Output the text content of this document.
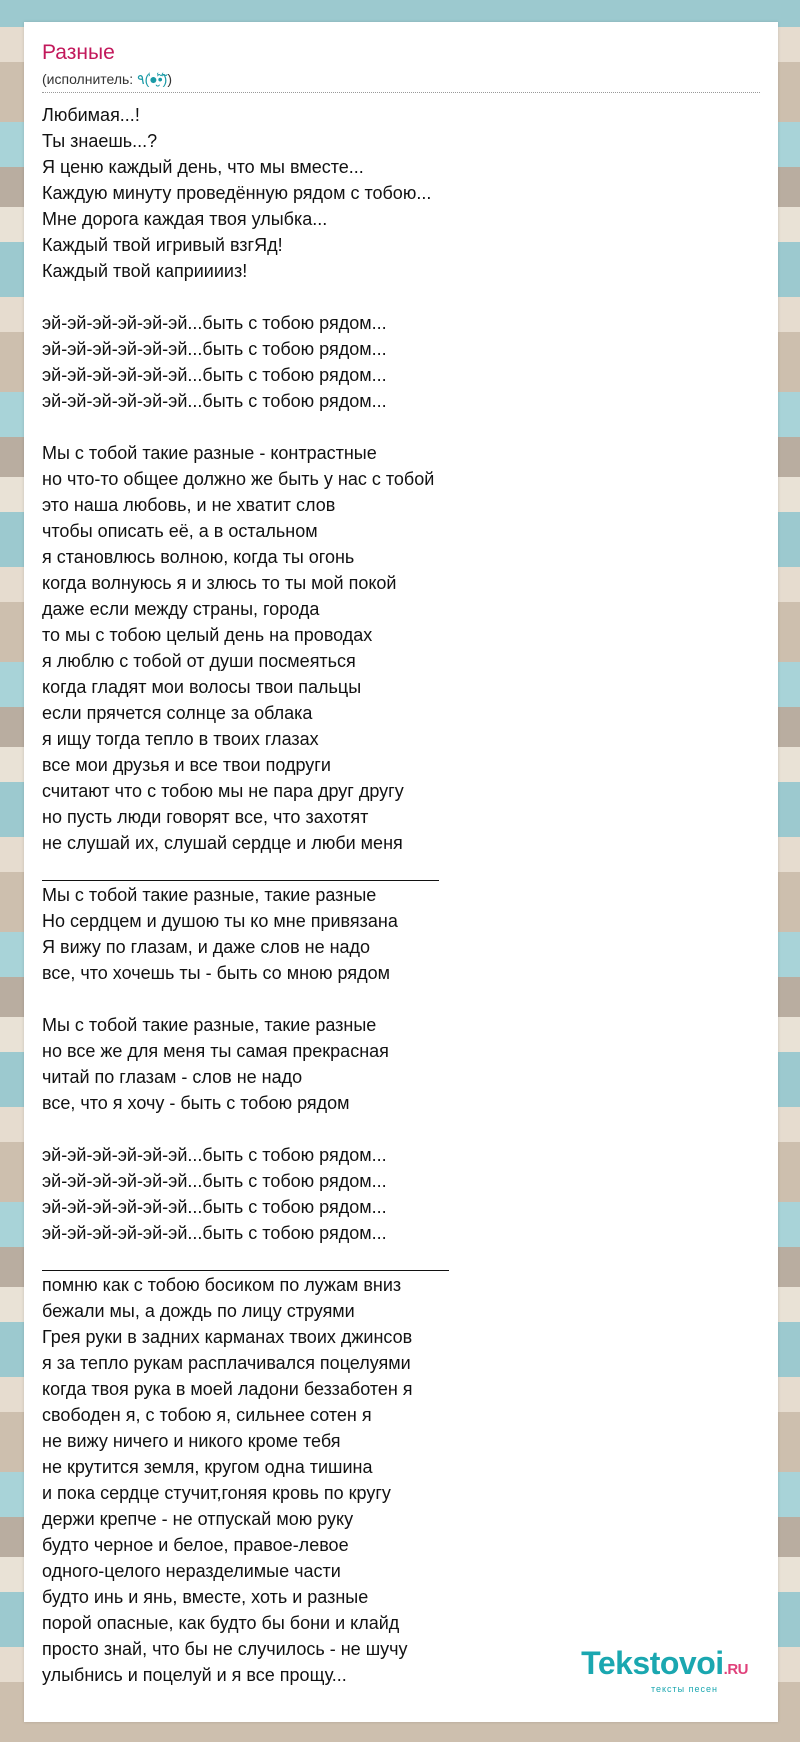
Разные
(исполнитель: ٩(̾●̮̮̃̾•̃̾))
Любимая...!
Ты знаешь...?
Я ценю каждый день, что мы вместе...
Каждую минуту проведённую рядом с тобою...
Мне дорога каждая твоя улыбка...
Каждый твой игривый взгЯд!
Каждый твой каприиииз!
эй-эй-эй-эй-эй-эй...быть с тобою рядом...
эй-эй-эй-эй-эй-эй...быть с тобою рядом...
эй-эй-эй-эй-эй-эй...быть с тобою рядом...
эй-эй-эй-эй-эй-эй...быть с тобою рядом...
Мы с тобой такие разные - контрастные
но что-то общее должно же быть у нас с тобой
это наша любовь, и не хватит слов
чтобы описать её, а в остальном
я становлюсь волною, когда ты огонь
когда волнуюсь я и злюсь то ты мой покой
даже если между страны, города
то мы с тобою целый день на проводах
я люблю с тобой от души посмеяться
когда гладят мои волосы твои пальцы
если прячется солнце за облака
я ищу тогда тепло в твоих глазах
все мои друзья и все твои подруги
считают что с тобою мы не пара друг другу
но пусть люди говорят все, что захотят
не слушай их, слушай сердце и люби меня
Мы с тобой такие разные, такие разные
Но сердцем и душою ты ко мне привязана
Я вижу по глазам, и даже слов не надо
все, что хочешь ты - быть со мною рядом
Мы с тобой такие разные, такие разные
но все же для меня ты самая прекрасная
читай по глазам - слов не надо
все, что я хочу - быть с тобою рядом
эй-эй-эй-эй-эй-эй...быть с тобою рядом...
эй-эй-эй-эй-эй-эй...быть с тобою рядом...
эй-эй-эй-эй-эй-эй...быть с тобою рядом...
эй-эй-эй-эй-эй-эй...быть с тобою рядом...
помню как с тобою босиком по лужам вниз
бежали мы, а дождь по лицу струями
Грея руки в задних карманах твоих джинсов
я за тепло рукам расплачивался поцелуями
когда твоя рука в моей ладони беззаботен я
свободен я, с тобою я, сильнее сотен я
не вижу ничего и никого кроме тебя
не крутится земля, кругом одна тишина
и пока сердце стучит,гоняя кровь по кругу
держи крепче - не отпускай мою руку
будто черное и белое, правое-левое
одного-целого неразделимые части
будто инь и янь, вместе, хоть и разные
порой опасные, как будто бы бони и клайд
просто знай, что бы не случилось - не шучу
улыбнись и поцелуй и я все прощу...	Tekstovoi.RU
тексты песен
